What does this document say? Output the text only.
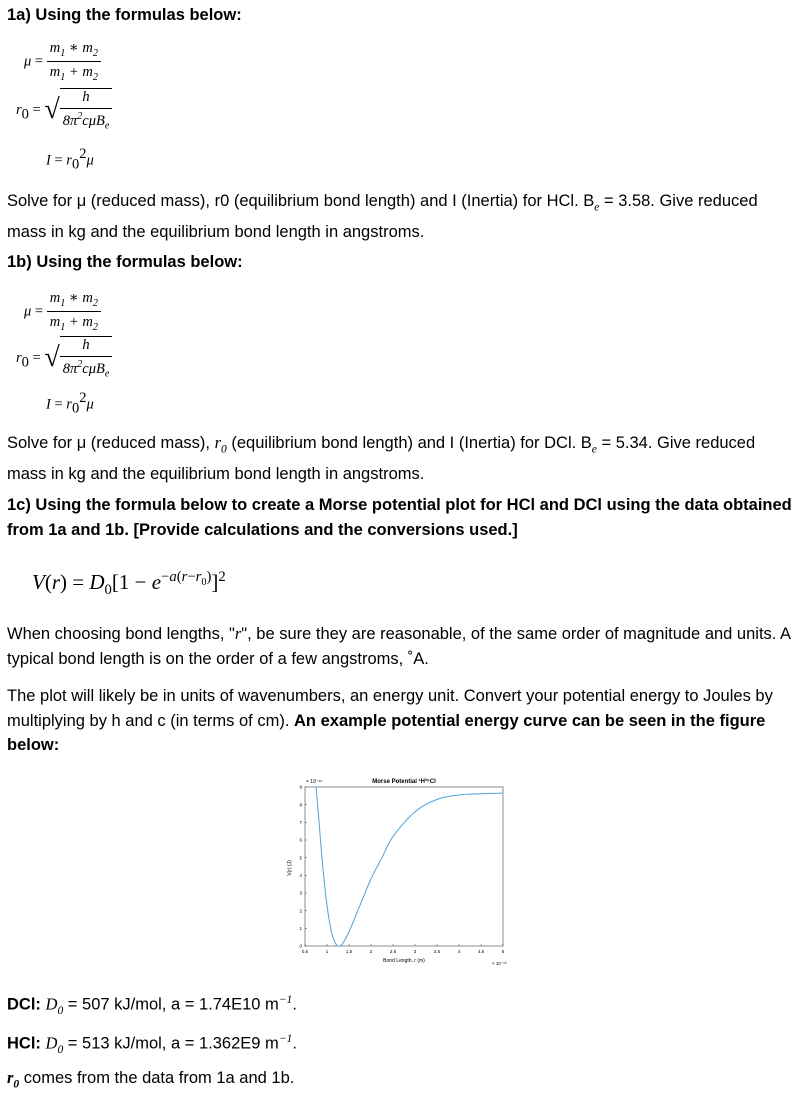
1a) Using the formulas below:
$\mu = \frac{m_1 ∗ m_2}{m_1 + m_2}$
$r_0$ = √ $\frac{h}{8\pi^2c\mu B_e}$
$I = r_0^2\mu$
Solve for μ (reduced mass), r0 (equilibrium bond length) and I (Inertia) for HCl. $B_e = 3.58$. Give reduced mass in kg and the equilibrium bond length in angstroms.
1b) Using the formulas below:
$\mu = \frac{m_1 ∗ m_2}{m_1 + m_2}$
$r_0$ = √ $\frac{h}{8\pi^2c\mu B_e}$
$I = r_0^2\mu$
Solve for μ (reduced mass), $r_0$ (equilibrium bond length) and I (Inertia) for DCl. $B_e = 5.34$. Give reduced mass in kg and the equilibrium bond length in angstroms.
1c) Using the formula below to create a Morse potential plot for HCl and DCl using the data obtained from 1a and 1b. [Provide calculations and the conversions used.]
$V(r) = D_0[1 - e^{-a(r-r_0)}]^2$
When choosing bond lengths, "r", be sure they are reasonable, of the same order of magnitude and units. A typical bond length is on the order of a few angstroms, ˚A.
The plot will likely be in units of wavenumbers, an energy unit. Convert your potential energy to Joules by multiplying by h and c (in terms of cm). An example potential energy curve can be seen in the figure below:
Morse Potential ¹H³⁵Cl
× 10⁻¹⁹
0.5	1	1.5	2	2.5	3	3.5	4	4.5	5
0
1
2
3
4
5
6
7
8
9
Bond Length, r (m)	× 10⁻¹⁰
V(r) (J)
DCl: $D_0 = 507$ kJ/mol, a = 1.74E10 $m^{-1}$.
HCl: $D_0 = 513$ kJ/mol, a = 1.362E9 $m^{-1}$.
$r_0$ comes from the data from 1a and 1b.
